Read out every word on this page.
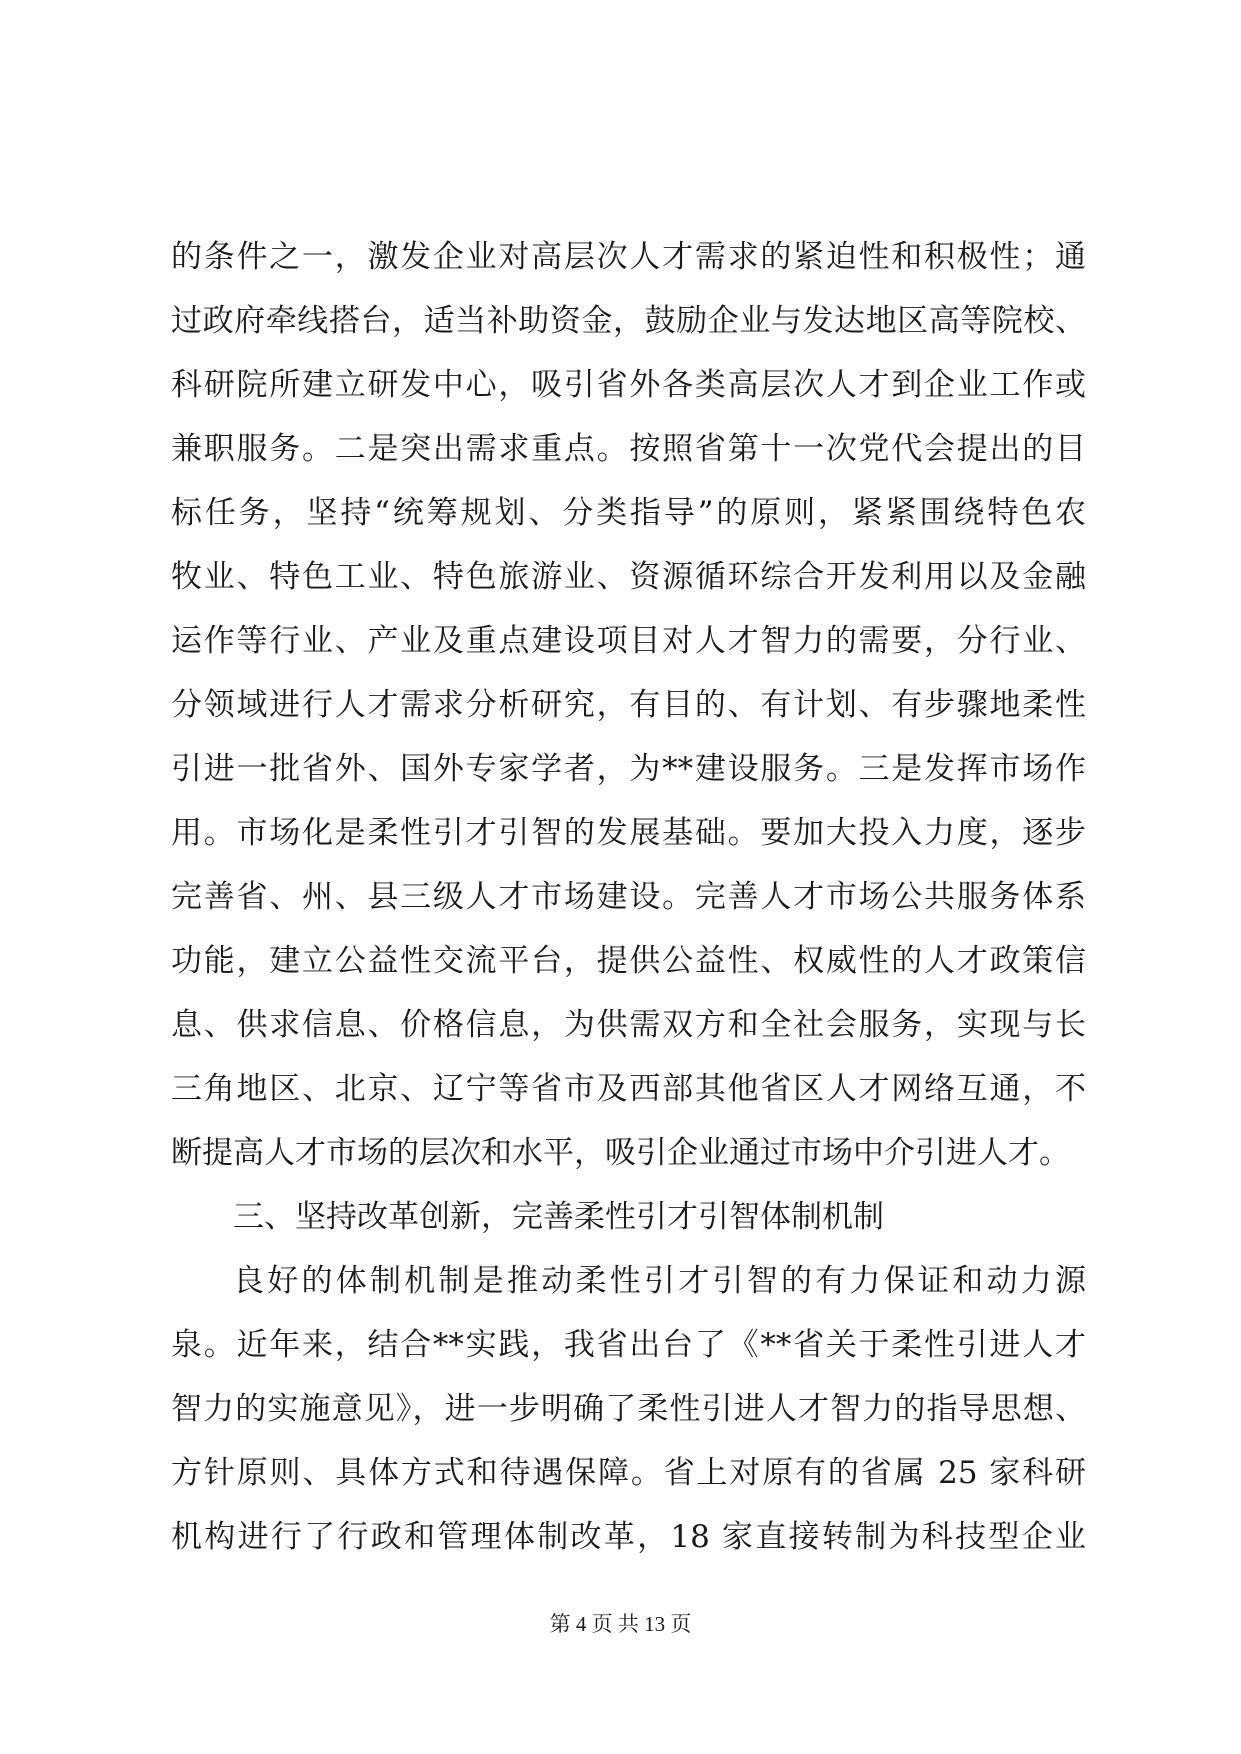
的条件之一，激发企业对高层次人才需求的紧迫性和积极性；通
过政府牵线搭台，适当补助资金，鼓励企业与发达地区高等院校、
科研院所建立研发中心，吸引省外各类高层次人才到企业工作或
兼职服务。二是突出需求重点。按照省第十一次党代会提出的目
标任务，坚持“统筹规划、分类指导”的原则，紧紧围绕特色农
牧业、特色工业、特色旅游业、资源循环综合开发利用以及金融
运作等行业、产业及重点建设项目对人才智力的需要，分行业、
分领域进行人才需求分析研究，有目的、有计划、有步骤地柔性
引进一批省外、国外专家学者，为**建设服务。三是发挥市场作
用。市场化是柔性引才引智的发展基础。要加大投入力度，逐步
完善省、州、县三级人才市场建设。完善人才市场公共服务体系
功能，建立公益性交流平台，提供公益性、权威性的人才政策信
息、供求信息、价格信息，为供需双方和全社会服务，实现与长
三角地区、北京、辽宁等省市及西部其他省区人才网络互通，不
断提高人才市场的层次和水平，吸引企业通过市场中介引进人才。
三、坚持改革创新，完善柔性引才引智体制机制
良好的体制机制是推动柔性引才引智的有力保证和动力源
泉。近年来，结合**实践，我省出台了《**省关于柔性引进人才
智力的实施意见》，进一步明确了柔性引进人才智力的指导思想、
方针原则、具体方式和待遇保障。省上对原有的省属 25 家科研
机构进行了行政和管理体制改革，18 家直接转制为科技型企业
第 4 页 共 13 页
